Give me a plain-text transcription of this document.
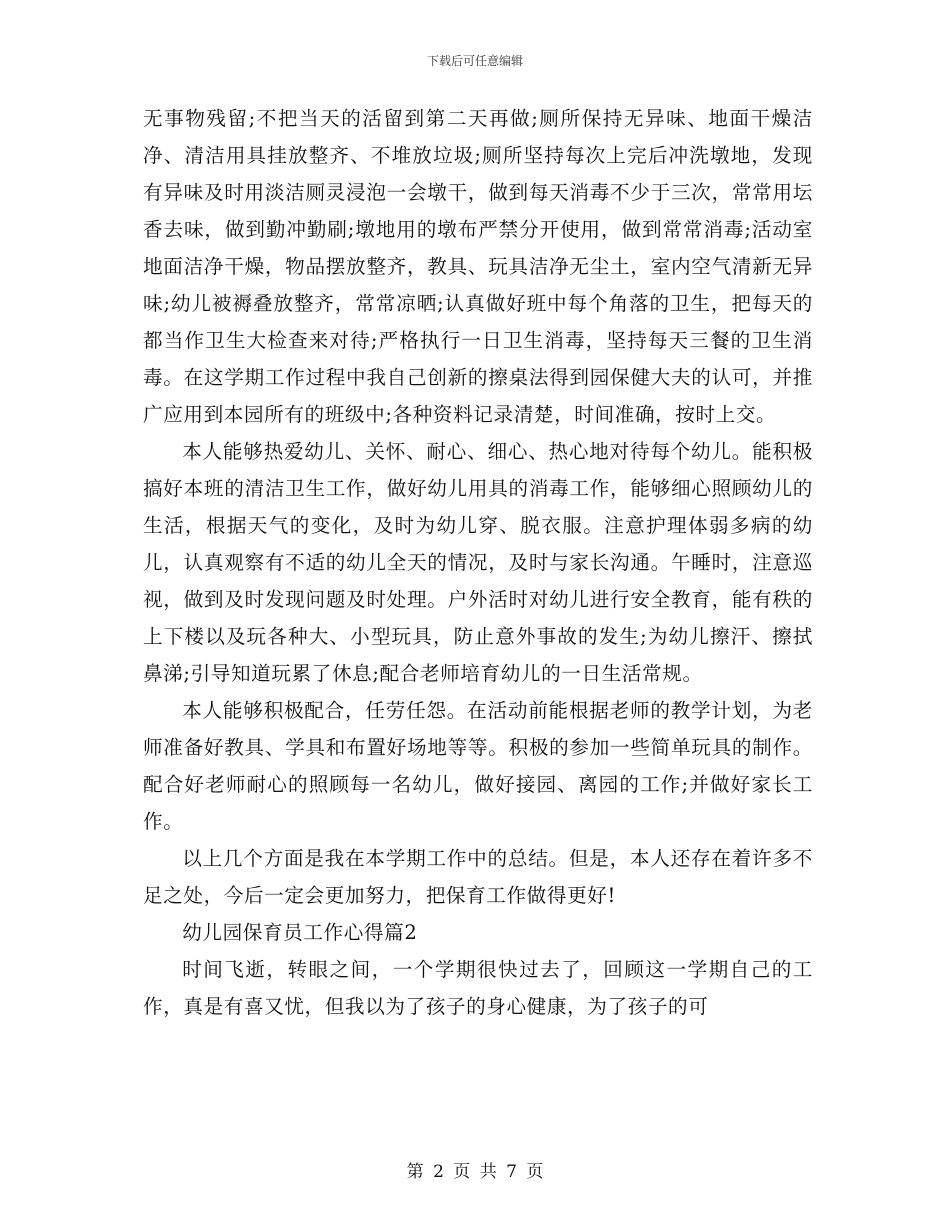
下载后可任意编辑

无事物残留;不把当天的活留到第二天再做;厕所保持无异味、地面干燥洁净、清洁用具挂放整齐、不堆放垃圾;厕所坚持每次上完后冲洗墩地，发现有异味及时用淡洁厕灵浸泡一会墩干，做到每天消毒不少于三次，常常用坛香去味，做到勤冲勤刷;墩地用的墩布严禁分开使用，做到常常消毒;活动室地面洁净干燥，物品摆放整齐，教具、玩具洁净无尘土，室内空气清新无异味;幼儿被褥叠放整齐，常常凉晒;认真做好班中每个角落的卫生，把每天的都当作卫生大检查来对待;严格执行一日卫生消毒，坚持每天三餐的卫生消毒。在这学期工作过程中我自己创新的擦桌法得到园保健大夫的认可，并推广应用到本园所有的班级中;各种资料记录清楚，时间准确，按时上交。

本人能够热爱幼儿、关怀、耐心、细心、热心地对待每个幼儿。能积极搞好本班的清洁卫生工作，做好幼儿用具的消毒工作，能够细心照顾幼儿的生活，根据天气的变化，及时为幼儿穿、脱衣服。注意护理体弱多病的幼儿，认真观察有不适的幼儿全天的情况，及时与家长沟通。午睡时，注意巡视，做到及时发现问题及时处理。户外活时对幼儿进行安全教育，能有秩的上下楼以及玩各种大、小型玩具，防止意外事故的发生;为幼儿擦汗、擦拭鼻涕;引导知道玩累了休息;配合老师培育幼儿的一日生活常规。

本人能够积极配合，任劳任怨。在活动前能根据老师的教学计划，为老师准备好教具、学具和布置好场地等等。积极的参加一些简单玩具的制作。配合好老师耐心的照顾每一名幼儿，做好接园、离园的工作;并做好家长工作。

以上几个方面是我在本学期工作中的总结。但是，本人还存在着许多不足之处，今后一定会更加努力，把保育工作做得更好!

幼儿园保育员工作心得篇2

时间飞逝，转眼之间，一个学期很快过去了，回顾这一学期自己的工作，真是有喜又忧，但我以为了孩子的身心健康，为了孩子的可

第 2 页 共 7 页
